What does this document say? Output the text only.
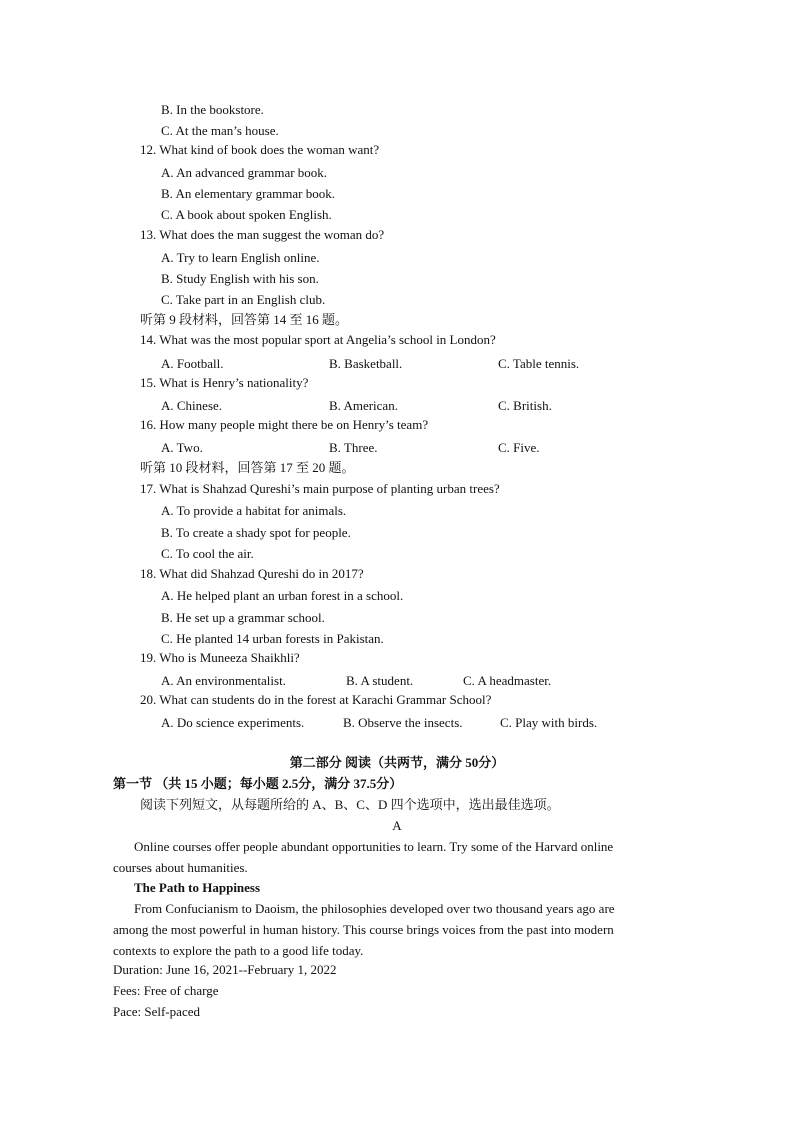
B. In the bookstore.
C. At the man’s house.
12. What kind of book does the woman want?
A. An advanced grammar book.
B. An elementary grammar book.
C. A book about spoken English.
13. What does the man suggest the woman do?
A. Try to learn English online.
B. Study English with his son.
C. Take part in an English club.
听第 9 段材料，回答第 14 至 16 题。
14. What was the most popular sport at Angelia’s school in London?
A. Football.	B. Basketball.	C. Table tennis.
15. What is Henry’s nationality?
A. Chinese.	B. American.	C. British.
16. How many people might there be on Henry’s team?
A. Two.	B. Three.	C. Five.
听第 10 段材料，回答第 17 至 20 题。
17. What is Shahzad Qureshi’s main purpose of planting urban trees?
A. To provide a habitat for animals.
B. To create a shady spot for people.
C. To cool the air.
18. What did Shahzad Qureshi do in 2017?
A. He helped plant an urban forest in a school.
B. He set up a grammar school.
C. He planted 14 urban forests in Pakistan.
19. Who is Muneeza Shaikhli?
A. An environmentalist.	B. A student.	C. A headmaster.
20. What can students do in the forest at Karachi Grammar School?
A. Do science experiments.	B. Observe the insects.	C. Play with birds.
第二部分 阅读（共两节，满分 50分）
第一节 （共 15 小题；每小题 2.5分，满分 37.5分）
阅读下列短文，从每题所给的 A、B、C、D 四个选项中，选出最佳选项。
A
Online courses offer people abundant opportunities to learn. Try some of the Harvard online
courses about humanities.
The Path to Happiness
From Confucianism to Daoism, the philosophies developed over two thousand years ago are
among the most powerful in human history. This course brings voices from the past into modern
contexts to explore the path to a good life today.
Duration: June 16, 2021--February 1, 2022
Fees: Free of charge
Pace: Self-paced
